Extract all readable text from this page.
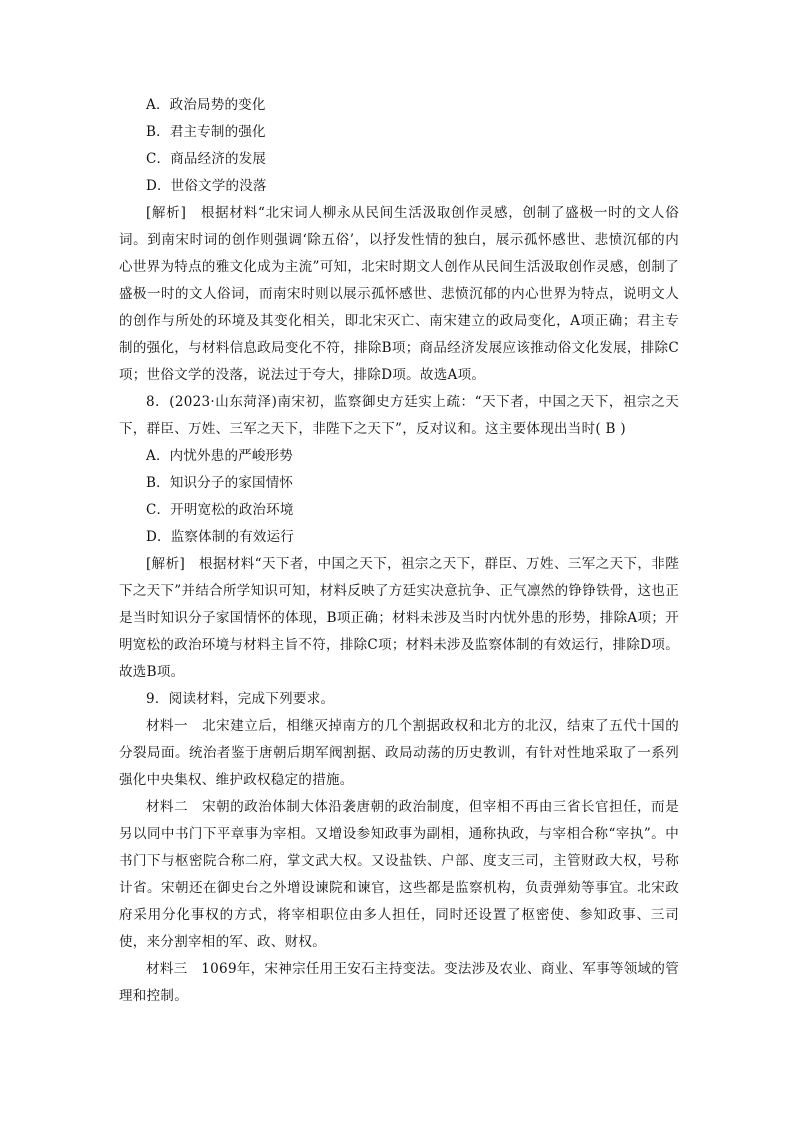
A．政治局势的变化
B．君主专制的强化
C．商品经济的发展
D．世俗文学的没落

[解析]　根据材料“北宋词人柳永从民间生活汲取创作灵感，创制了盛极一时的文人俗词。到南宋时词的创作则强调‘除五俗’，以抒发性情的独白，展示孤怀感世、悲愤沉郁的内心世界为特点的雅文化成为主流”可知，北宋时期文人创作从民间生活汲取创作灵感，创制了盛极一时的文人俗词，而南宋时则以展示孤怀感世、悲愤沉郁的内心世界为特点，说明文人的创作与所处的环境及其变化相关，即北宋灭亡、南宋建立的政局变化，A项正确；君主专制的强化，与材料信息政局变化不符，排除B项；商品经济发展应该推动俗文化发展，排除C项；世俗文学的没落，说法过于夸大，排除D项。故选A项。

8．(2023·山东菏泽)南宋初，监察御史方廷实上疏：“天下者，中国之天下，祖宗之天下，群臣、万姓、三军之天下，非陛下之天下”，反对议和。这主要体现出当时( B )

A．内忧外患的严峻形势
B．知识分子的家国情怀
C．开明宽松的政治环境
D．监察体制的有效运行

[解析]　根据材料“天下者，中国之天下，祖宗之天下，群臣、万姓、三军之天下，非陛下之天下”并结合所学知识可知，材料反映了方廷实决意抗争、正气凛然的铮铮铁骨，这也正是当时知识分子家国情怀的体现，B项正确；材料未涉及当时内忧外患的形势，排除A项；开明宽松的政治环境与材料主旨不符，排除C项；材料未涉及监察体制的有效运行，排除D项。故选B项。

9．阅读材料，完成下列要求。

材料一　北宋建立后，相继灭掉南方的几个割据政权和北方的北汉，结束了五代十国的分裂局面。统治者鉴于唐朝后期军阀割据、政局动荡的历史教训，有针对性地采取了一系列强化中央集权、维护政权稳定的措施。

材料二　宋朝的政治体制大体沿袭唐朝的政治制度，但宰相不再由三省长官担任，而是另以同中书门下平章事为宰相。又增设参知政事为副相，通称执政，与宰相合称“宰执”。中书门下与枢密院合称二府，掌文武大权。又设盐铁、户部、度支三司，主管财政大权，号称计省。宋朝还在御史台之外增设谏院和谏官，这些都是监察机构，负责弹劾等事宜。北宋政府采用分化事权的方式，将宰相职位由多人担任，同时还设置了枢密使、参知政事、三司使，来分割宰相的军、政、财权。

材料三　1069年，宋神宗任用王安石主持变法。变法涉及农业、商业、军事等领域的管理和控制。
